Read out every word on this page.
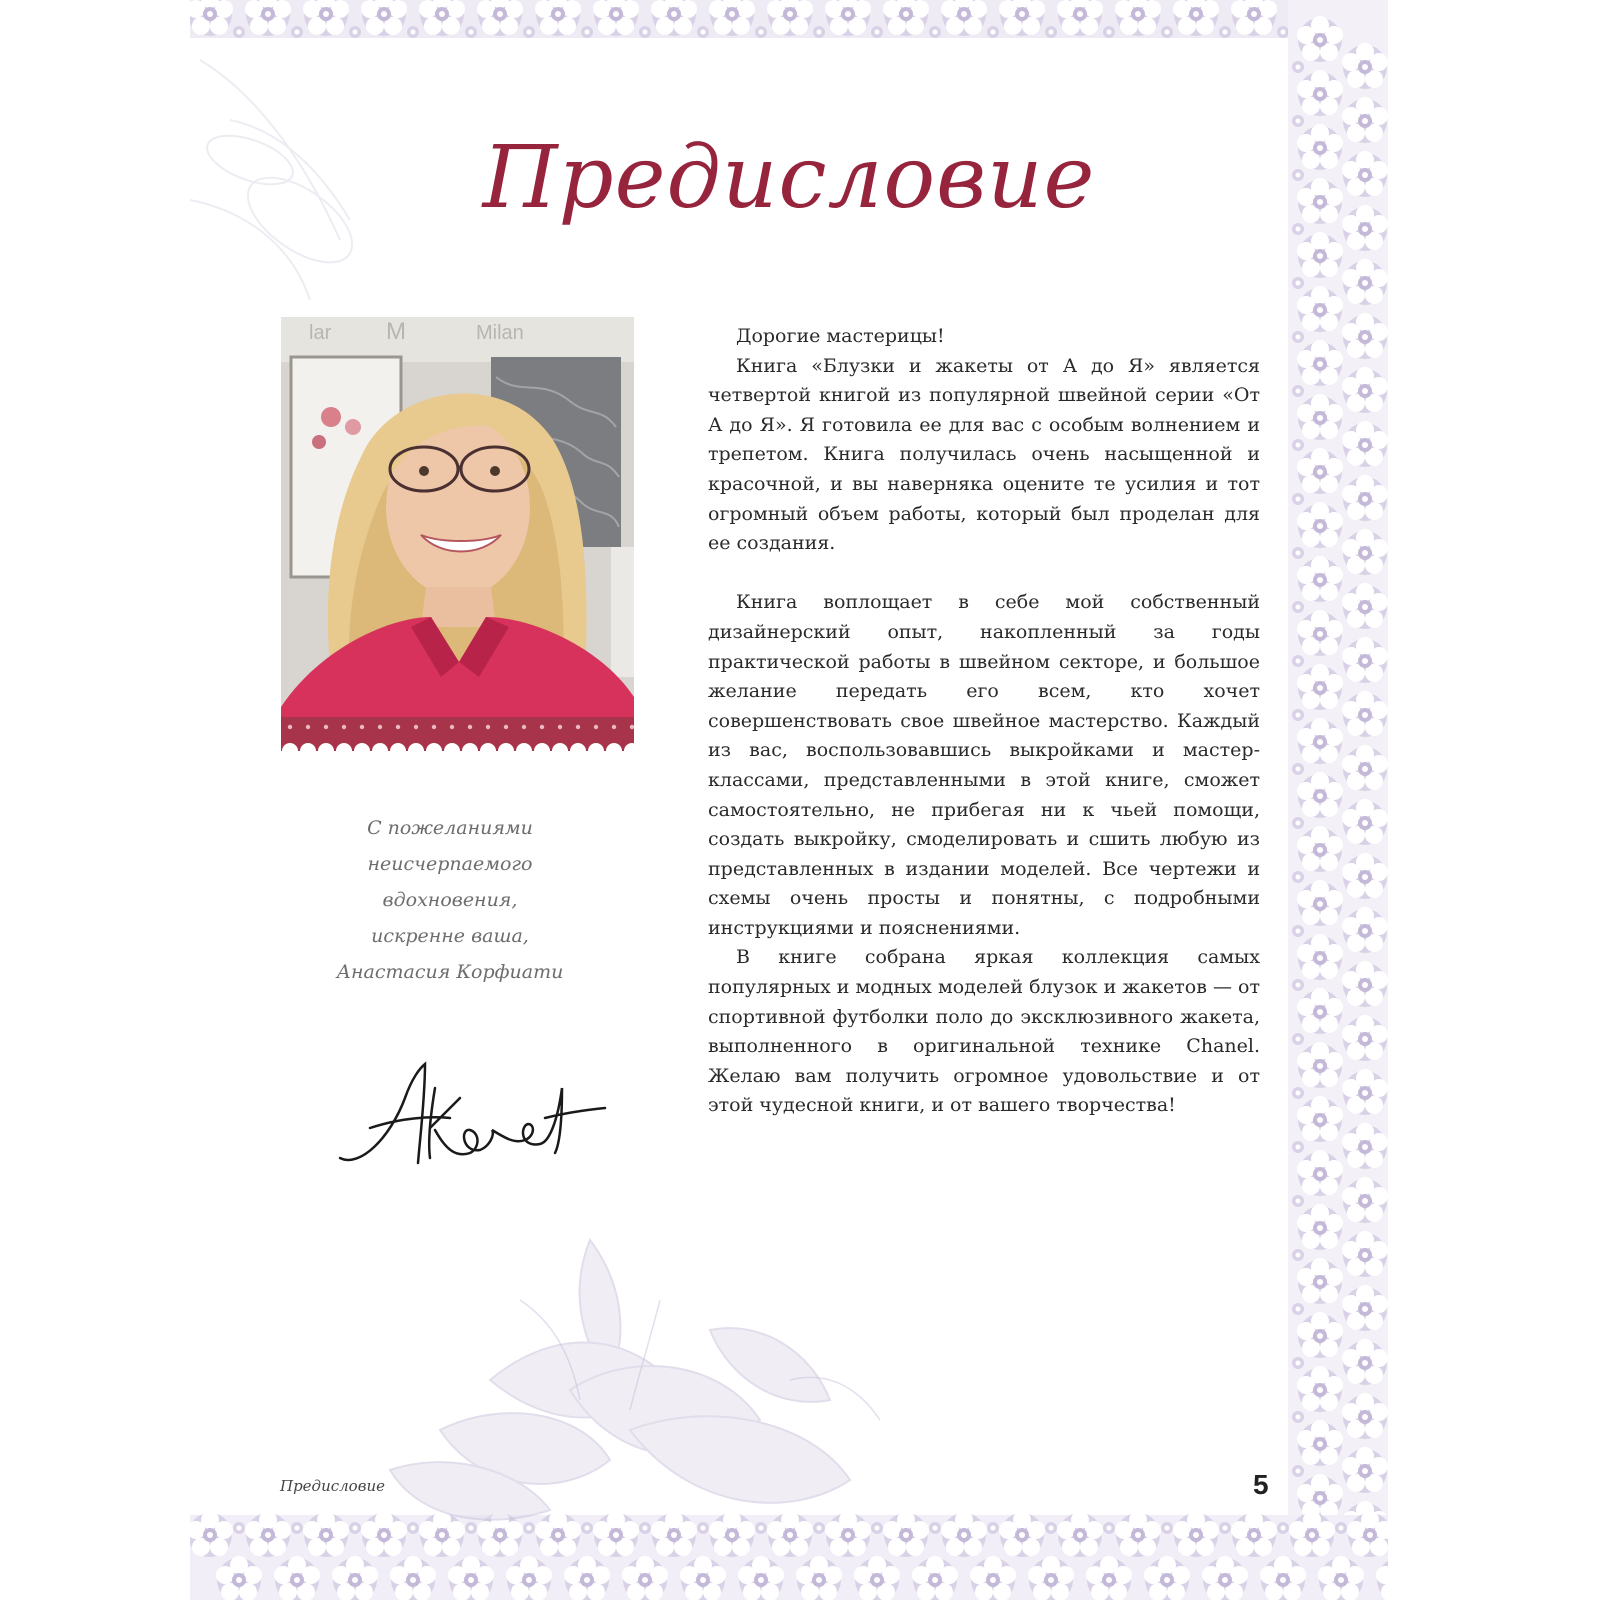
Предисловие
lar M	Milan
С пожеланиями неисчерпаемого
вдохновения,
искренне ваша,
Анастасия Корфиати

Дорогие мастерицы!

Книга «Блузки и жакеты от А до Я» является четвертой книгой из популярной швейной серии «От А до Я». Я готовила ее для вас с особым волнением и трепетом. Книга получилась очень насыщенной и красочной, и вы наверняка оцените те усилия и тот огромный объем работы, который был проделан для ее создания.

Книга воплощает в себе мой собственный дизайнерский опыт, накопленный за годы практической работы в швейном секторе, и большое желание передать его всем, кто хочет совершенствовать свое швейное мастерство. Каждый из вас, воспользовавшись выкройками и мастер-классами, представленными в этой книге, сможет самостоятельно, не прибегая ни к чьей помощи, создать выкройку, смоделировать и сшить любую из представленных в издании моделей. Все чертежи и схемы очень просты и понятны, с подробными инструкциями и пояснениями.

В книге собрана яркая коллекция самых популярных и модных моделей блузок и жакетов — от спортивной футболки поло до эксклюзивного жакета, выполненного в оригинальной технике Chanel. Желаю вам получить огромное удовольствие и от этой чудесной книги, и от вашего творчества!

Предисловие	5
